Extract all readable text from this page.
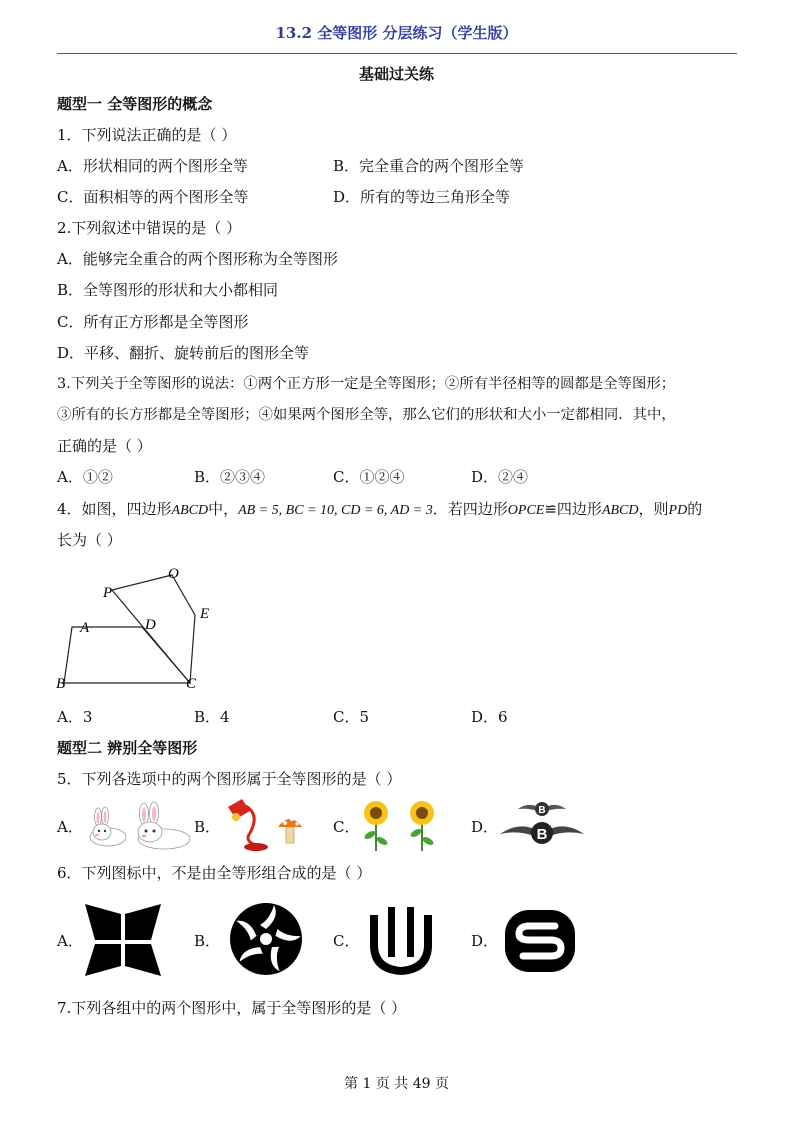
13.2 全等图形 分层练习（学生版）
基础过关练
题型一 全等图形的概念
1．下列说法正确的是（ ）
A．形状相同的两个图形全等	B．完全重合的两个图形全等
C．面积相等的两个图形全等	D．所有的等边三角形全等
2.下列叙述中错误的是（ ）
A．能够完全重合的两个图形称为全等图形
B．全等图形的形状和大小都相同
C．所有正方形都是全等图形
D．平移、翻折、旋转前后的图形全等
3.下列关于全等图形的说法：①两个正方形一定是全等图形；②所有半径相等的圆都是全等图形；
③所有的长方形都是全等图形；④如果两个图形全等，那么它们的形状和大小一定都相同．其中，
正确的是（ ）
A．①②	B．②③④	C．①②④	D．②④
4．如图，四边形ABCD中，AB = 5, BC = 10, CD = 6, AD = 3．若四边形OPCE≌四边形ABCD，则PD的
长为（ ）
P
O
A	D
E
B	C
A．3	B．4	C．5	D．6
题型二 辨别全等图形
5．下列各选项中的两个图形属于全等图形的是（ ）
A．	B．	C．	D．
B
B
6．下列图标中，不是由全等形组合成的是（ ）
A．	B．	C．	D．
7.下列各组中的两个图形中，属于全等图形的是（ ）
第 1 页 共 49 页
